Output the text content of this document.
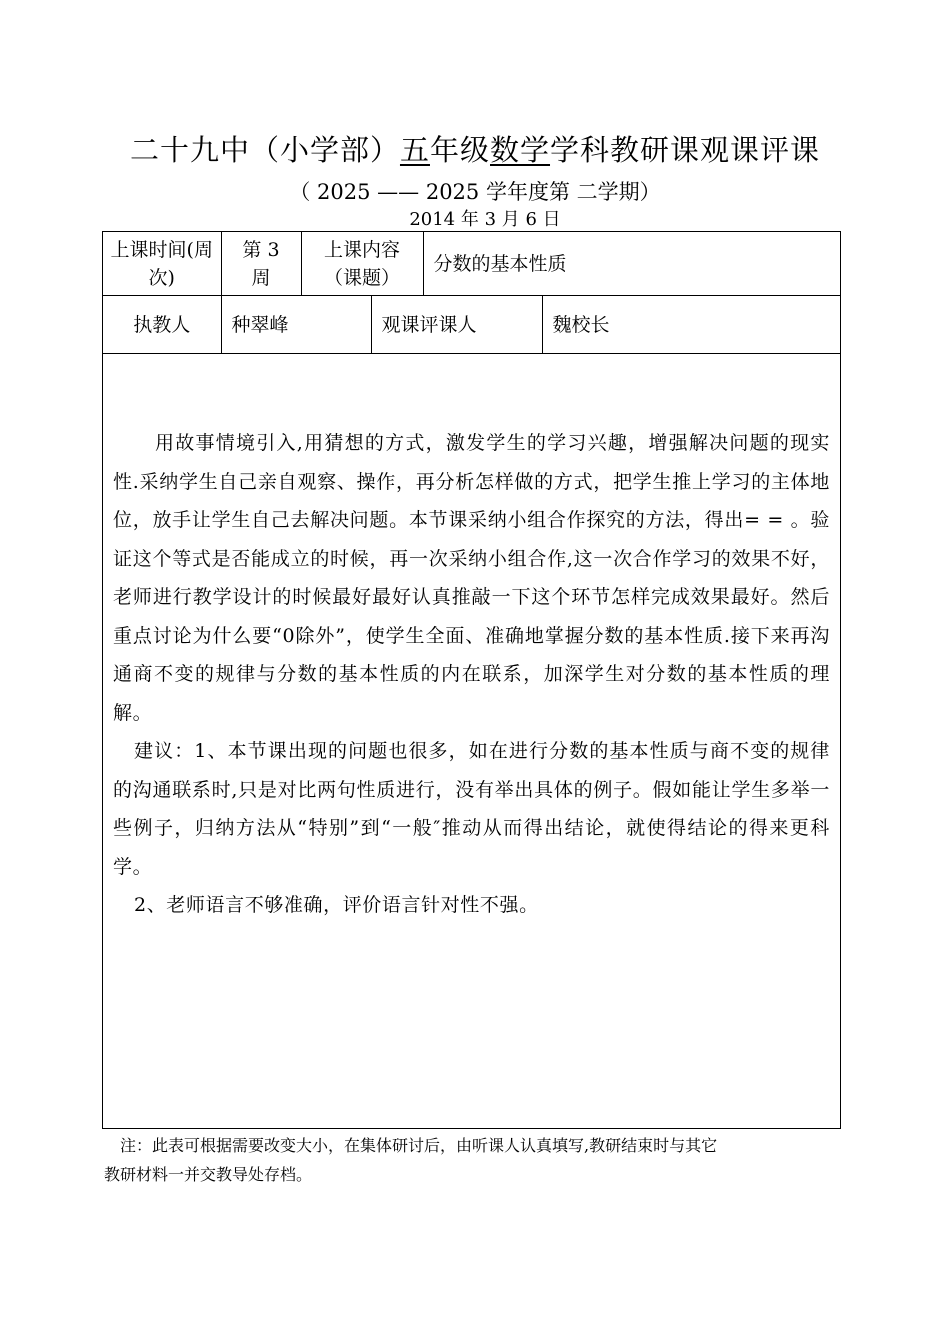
二十九中（小学部）五年级数学学科教研课观课评课
（ 2025 —— 2025 学年度第 二学期）
2014 年 3 月 6 日
上课时间(周次)	第 3 周	上课内容（课题）	分数的基本性质

执教人	种翠峰	观课评课人	魏校长

用故事情境引入,用猜想的方式，激发学生的学习兴趣，增强解决问题的现实性.采纳学生自己亲自观察、操作，再分析怎样做的方式，把学生推上学习的主体地位，放手让学生自己去解决问题。本节课采纳小组合作探究的方法，得出= = 。验证这个等式是否能成立的时候，再一次采纳小组合作,这一次合作学习的效果不好，老师进行教学设计的时候最好最好认真推敲一下这个环节怎样完成效果最好。然后重点讨论为什么要“0除外”，使学生全面、准确地掌握分数的基本性质.接下来再沟通商不变的规律与分数的基本性质的内在联系，加深学生对分数的基本性质的理解。

建议：1、本节课出现的问题也很多，如在进行分数的基本性质与商不变的规律的沟通联系时,只是对比两句性质进行，没有举出具体的例子。假如能让学生多举一些例子，归纳方法从“特别”到“一般″推动从而得出结论，就使得结论的得来更科学。

2、老师语言不够准确，评价语言针对性不强。

注：此表可根据需要改变大小，在集体研讨后，由听课人认真填写,教研结束时与其它

教研材料一并交教导处存档。
